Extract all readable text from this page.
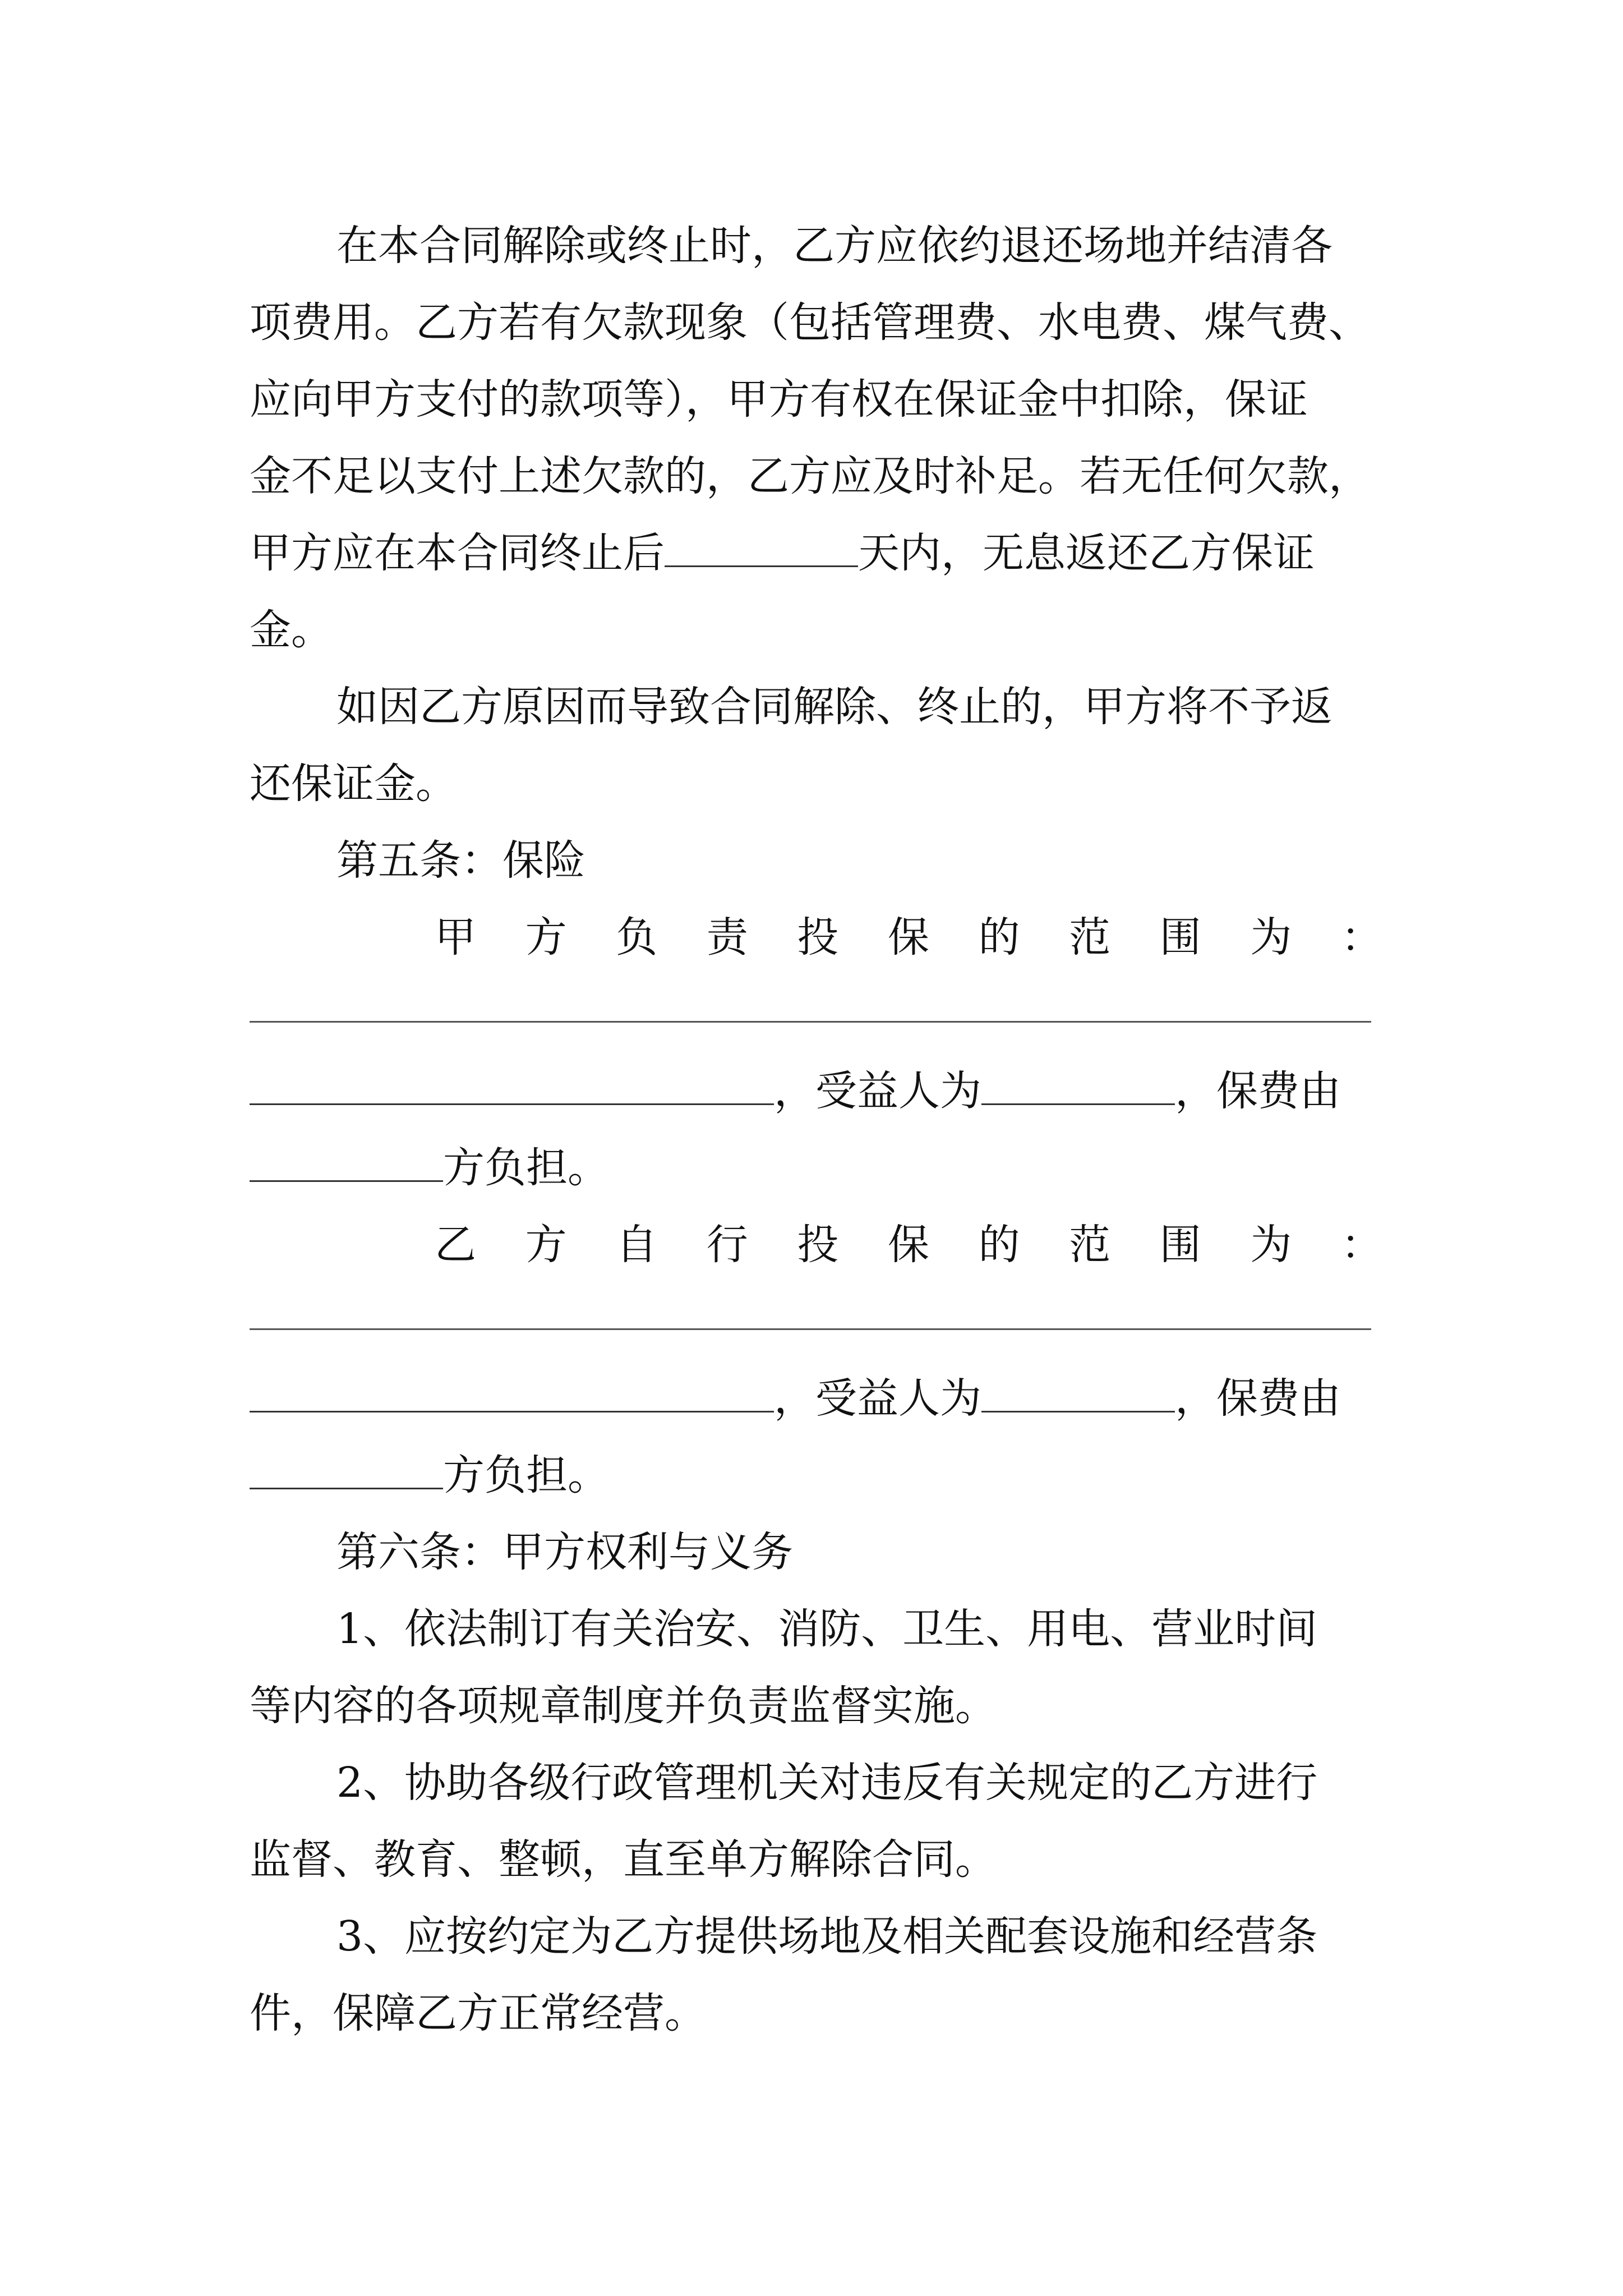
在本合同解除或终止时，乙方应依约退还场地并结清各
项费用。乙方若有欠款现象（包括管理费、水电费、煤气费、
应向甲方支付的款项等），甲方有权在保证金中扣除，保证
金不足以支付上述欠款的，乙方应及时补足。若无任何欠款，
甲方应在本合同终止后	天内，无息返还乙方保证
金。
如因乙方原因而导致合同解除、终止的，甲方将不予返
还保证金。
第五条：保险
甲 方 负 责 投 保 的 范 围 为 ：
，受益人为	，保费由
方负担。
乙 方 自 行 投 保 的 范 围 为 ：
，受益人为	，保费由
方负担。
第六条：甲方权利与义务
1、依法制订有关治安、消防、卫生、用电、营业时间
等内容的各项规章制度并负责监督实施。
2、协助各级行政管理机关对违反有关规定的乙方进行
监督、教育、整顿，直至单方解除合同。
3、应按约定为乙方提供场地及相关配套设施和经营条
件，保障乙方正常经营。
